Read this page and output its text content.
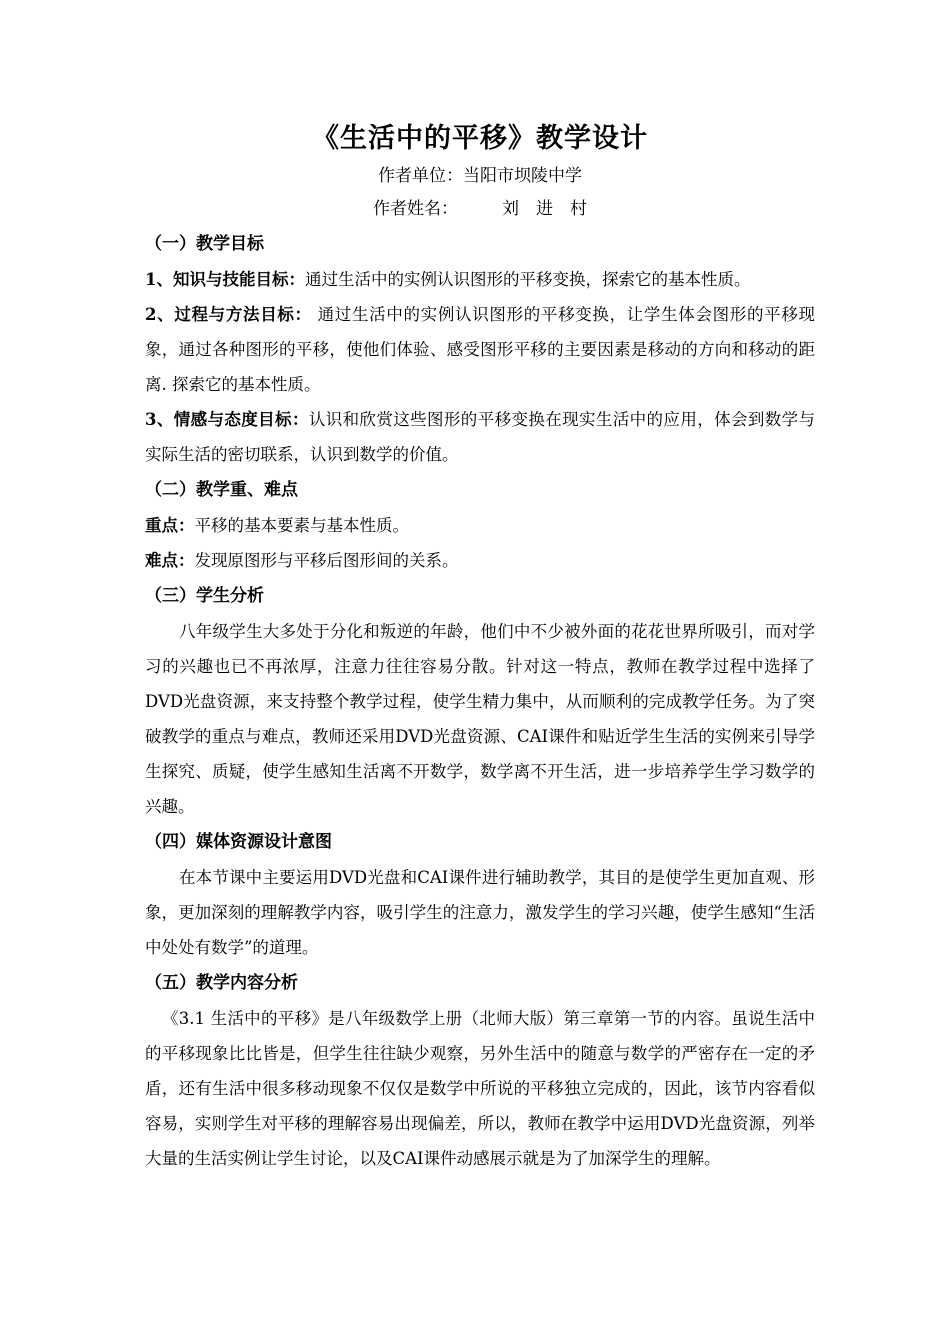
《生活中的平移》教学设计

作者单位：当阳市坝陵中学

作者姓名：	刘　进　村

（一）教学目标

1、知识与技能目标：通过生活中的实例认识图形的平移变换，探索它的基本性质。

2、过程与方法目标： 通过生活中的实例认识图形的平移变换，让学生体会图形的平移现象，通过各种图形的平移，使他们体验、感受图形平移的主要因素是移动的方向和移动的距离. 探索它的基本性质。

3、情感与态度目标：认识和欣赏这些图形的平移变换在现实生活中的应用，体会到数学与实际生活的密切联系，认识到数学的价值。

（二）教学重、难点

重点：平移的基本要素与基本性质。

难点：发现原图形与平移后图形间的关系。

（三）学生分析

八年级学生大多处于分化和叛逆的年龄，他们中不少被外面的花花世界所吸引，而对学习的兴趣也已不再浓厚，注意力往往容易分散。针对这一特点，教师在教学过程中选择了DVD光盘资源，来支持整个教学过程，使学生精力集中，从而顺利的完成教学任务。为了突破教学的重点与难点，教师还采用DVD光盘资源、CAI课件和贴近学生生活的实例来引导学生探究、质疑，使学生感知生活离不开数学，数学离不开生活，进一步培养学生学习数学的兴趣。

（四）媒体资源设计意图

在本节课中主要运用DVD光盘和CAI课件进行辅助教学，其目的是使学生更加直观、形象，更加深刻的理解教学内容，吸引学生的注意力，激发学生的学习兴趣，使学生感知“生活中处处有数学”的道理。

（五）教学内容分析

《3.1 生活中的平移》是八年级数学上册（北师大版）第三章第一节的内容。虽说生活中的平移现象比比皆是，但学生往往缺少观察，另外生活中的随意与数学的严密存在一定的矛盾，还有生活中很多移动现象不仅仅是数学中所说的平移独立完成的，因此，该节内容看似容易，实则学生对平移的理解容易出现偏差，所以，教师在教学中运用DVD光盘资源，列举大量的生活实例让学生讨论，以及CAI课件动感展示就是为了加深学生的理解。
